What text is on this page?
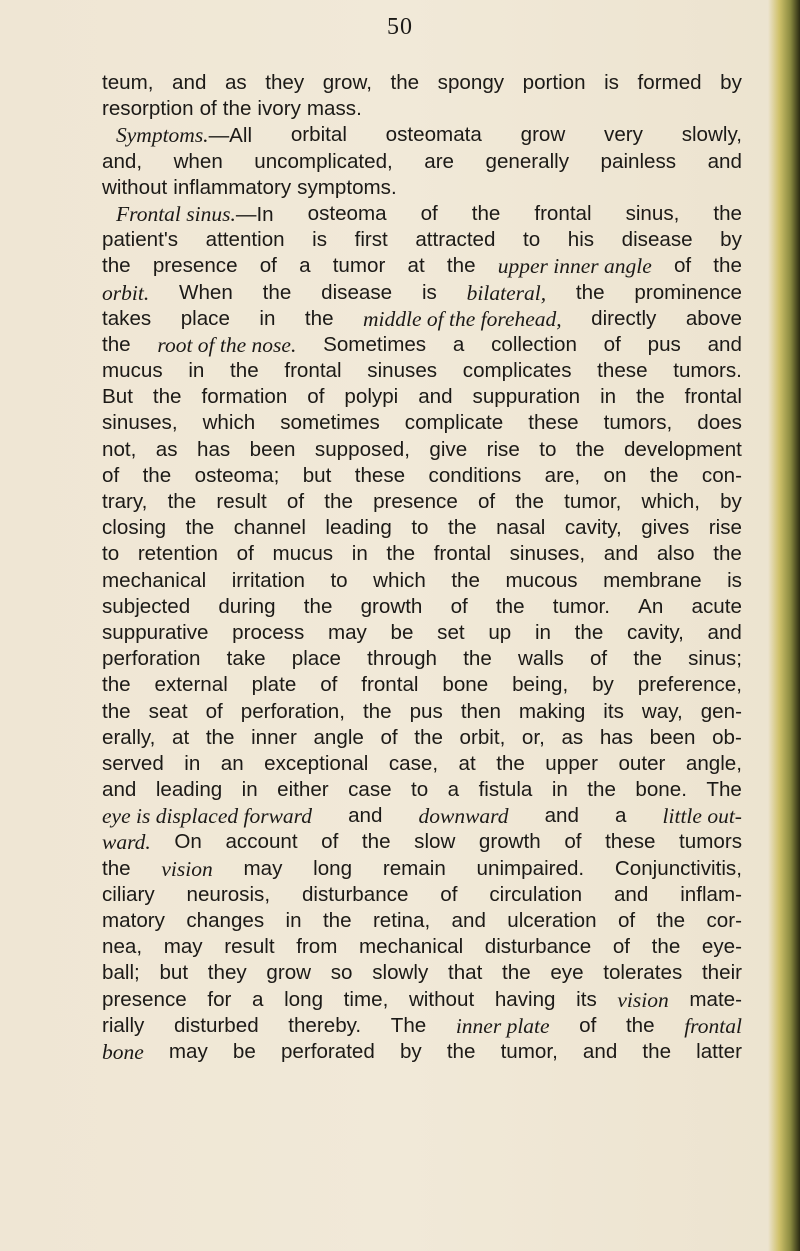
50
teum, and as they grow, the spongy portion is formed by
resorption of the ivory mass.
Symptoms.—All orbital osteomata grow very slowly,
and, when uncomplicated, are generally painless and
without inflammatory symptoms.
Frontal sinus.—In osteoma of the frontal sinus, the
patient's attention is first attracted to his disease by
the presence of a tumor at the upper inner angle of the
orbit. When the disease is bilateral, the prominence
takes place in the middle of the forehead, directly above
the root of the nose. Sometimes a collection of pus and
mucus in the frontal sinuses complicates these tumors.
But the formation of polypi and suppuration in the frontal
sinuses, which sometimes complicate these tumors, does
not, as has been supposed, give rise to the development
of the osteoma; but these conditions are, on the con-
trary, the result of the presence of the tumor, which, by
closing the channel leading to the nasal cavity, gives rise
to retention of mucus in the frontal sinuses, and also the
mechanical irritation to which the mucous membrane is
subjected during the growth of the tumor. An acute
suppurative process may be set up in the cavity, and
perforation take place through the walls of the sinus;
the external plate of frontal bone being, by preference,
the seat of perforation, the pus then making its way, gen-
erally, at the inner angle of the orbit, or, as has been ob-
served in an exceptional case, at the upper outer angle,
and leading in either case to a fistula in the bone. The
eye is displaced forward and downward and a little out-
ward. On account of the slow growth of these tumors
the vision may long remain unimpaired. Conjunctivitis,
ciliary neurosis, disturbance of circulation and inflam-
matory changes in the retina, and ulceration of the cor-
nea, may result from mechanical disturbance of the eye-
ball; but they grow so slowly that the eye tolerates their
presence for a long time, without having its vision mate-
rially disturbed thereby. The inner plate of the frontal
bone may be perforated by the tumor, and the latter
